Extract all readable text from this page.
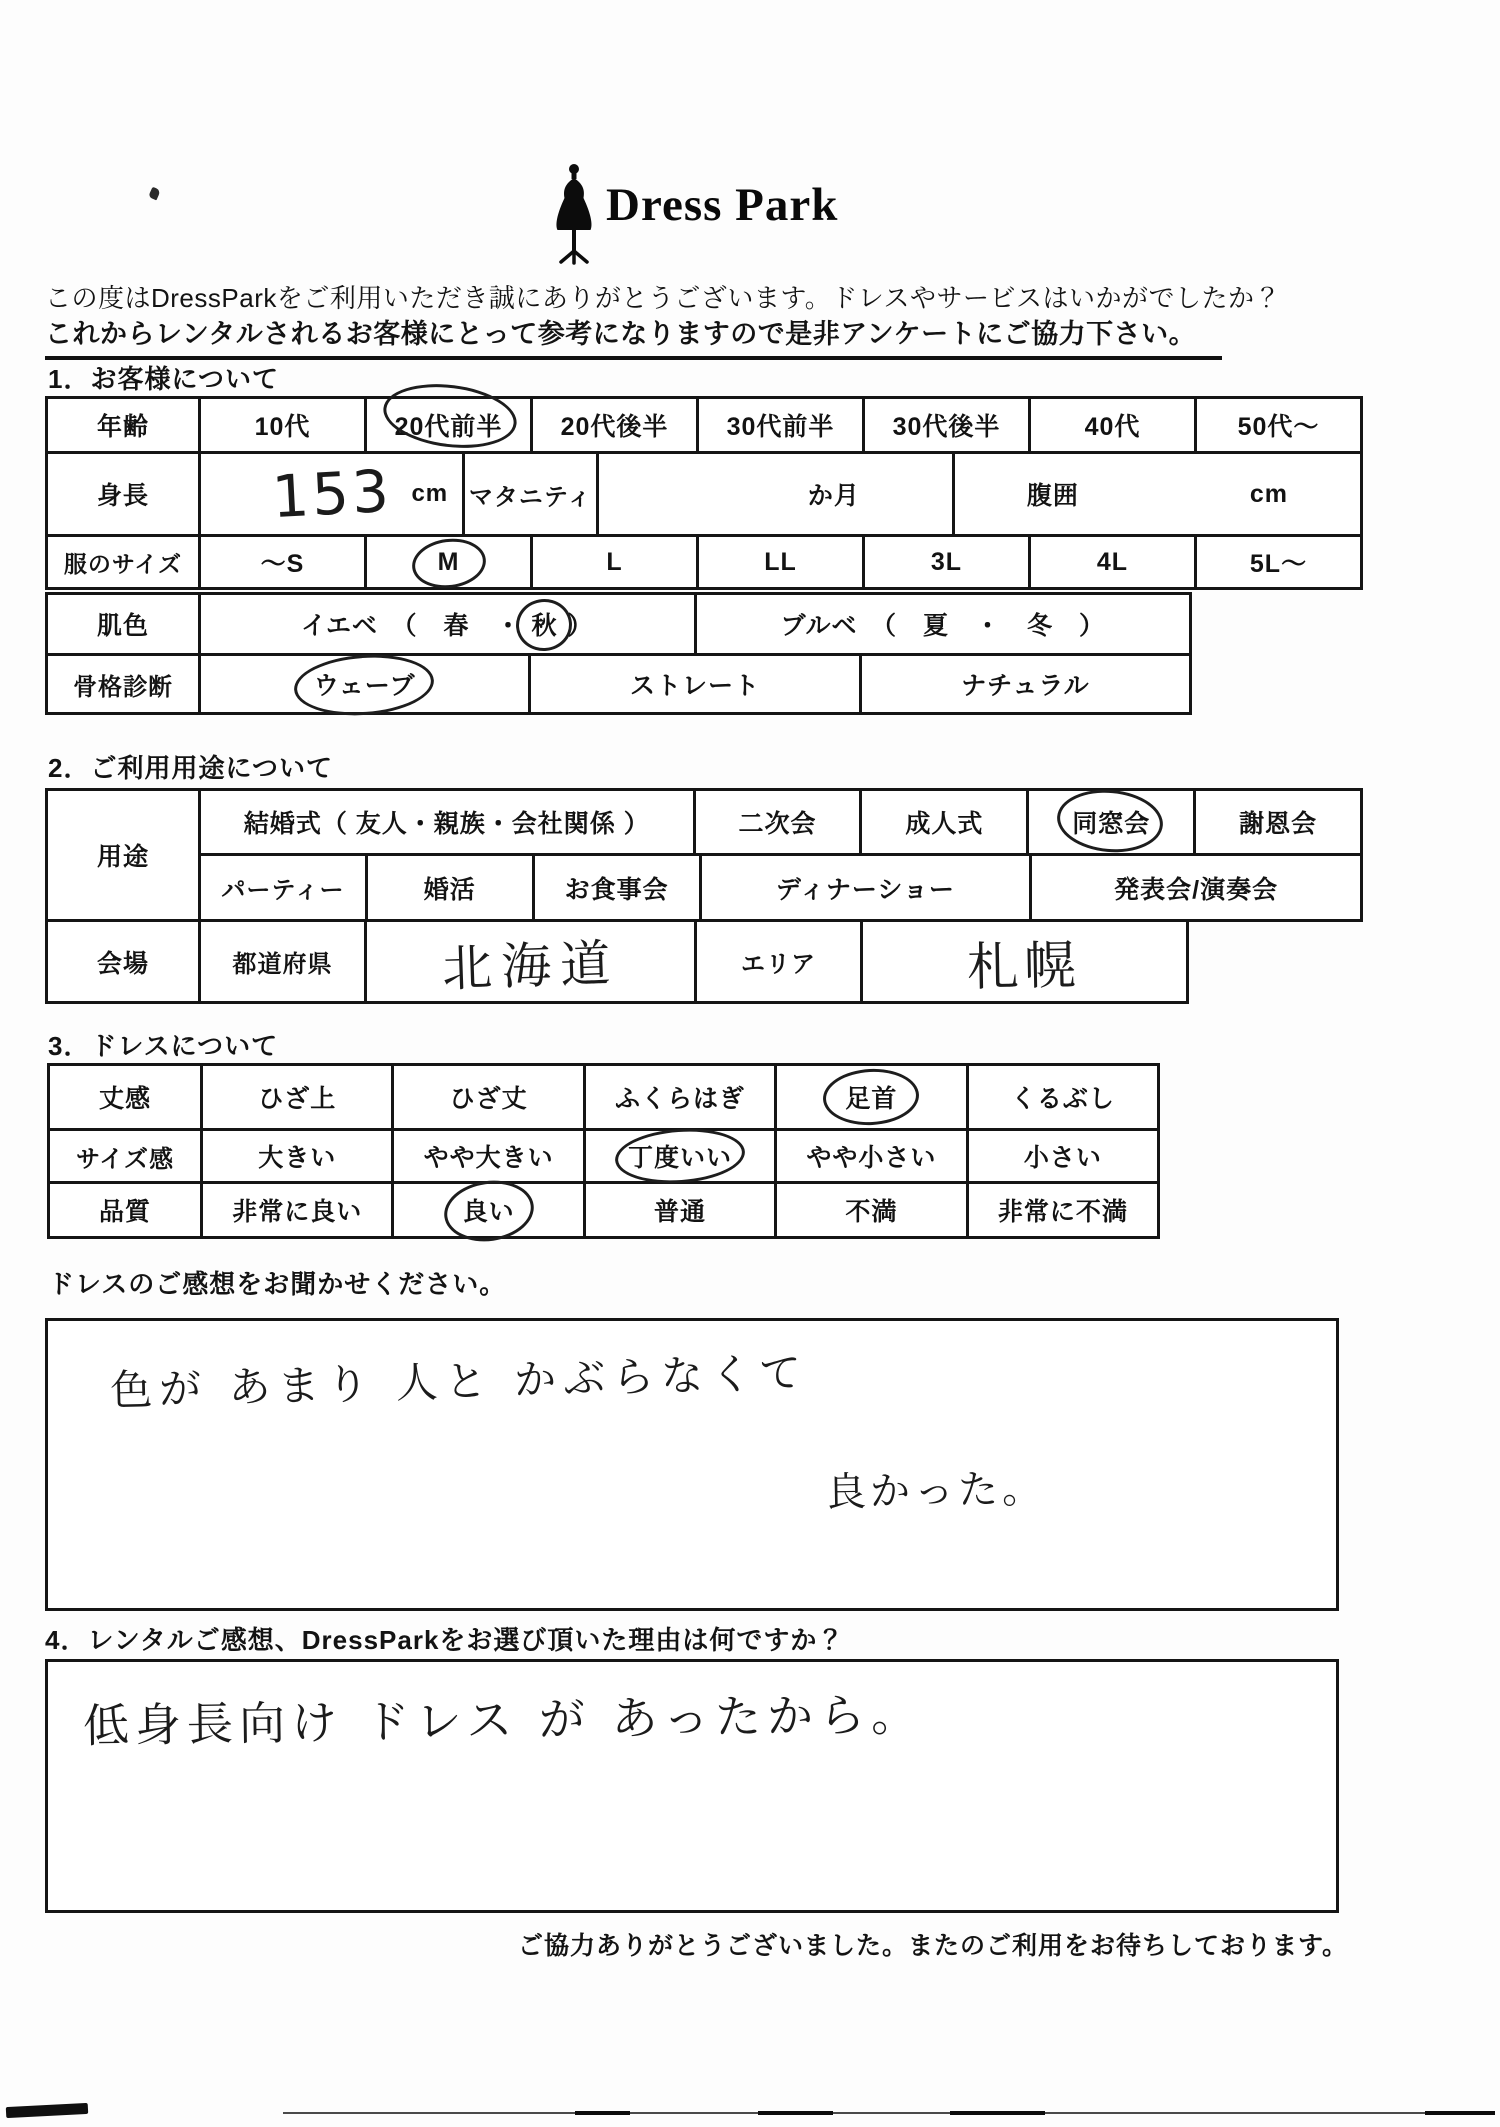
Dress Park
この度はDressParkをご利用いただき誠にありがとうございます。ドレスやサービスはいかがでしたか？
これからレンタルされるお客様にとって参考になりますので是非アンケートにご協力下さい。
1．お客様について
年齢	10代	20代前半	20代後半	30代前半	30代後半	40代	50代～
身長	153 cm マタニティ	か月	腹囲	cm
服のサイズ	～S	M	L	LL	3L	4L	5L～
肌色	イエベ　（　春　・ 秋 ）	ブルベ　（　夏　・　冬　）
骨格診断	ウェーブ	ストレート	ナチュラル
2．ご利用用途について
用途
結婚式（ 友人・親族・会社関係 ）	二次会	成人式	同窓会	謝恩会
パーティー	婚活	お食事会	ディナーショー	発表会/演奏会
会場	都道府県	北海道	エリア	札幌
3．ドレスについて
丈感	ひざ上	ひざ丈	ふくらはぎ	足首	くるぶし
サイズ感	大きい	やや大きい	丁度いい	やや小さい	小さい
品質	非常に良い	良い	普通	不満	非常に不満
ドレスのご感想をお聞かせください。
色が あまり 人と かぶらなくて
良かった。
4．レンタルご感想、DressParkをお選び頂いた理由は何ですか？
低身長向け ドレス が あったから。
ご協力ありがとうございました。またのご利用をお待ちしております。
